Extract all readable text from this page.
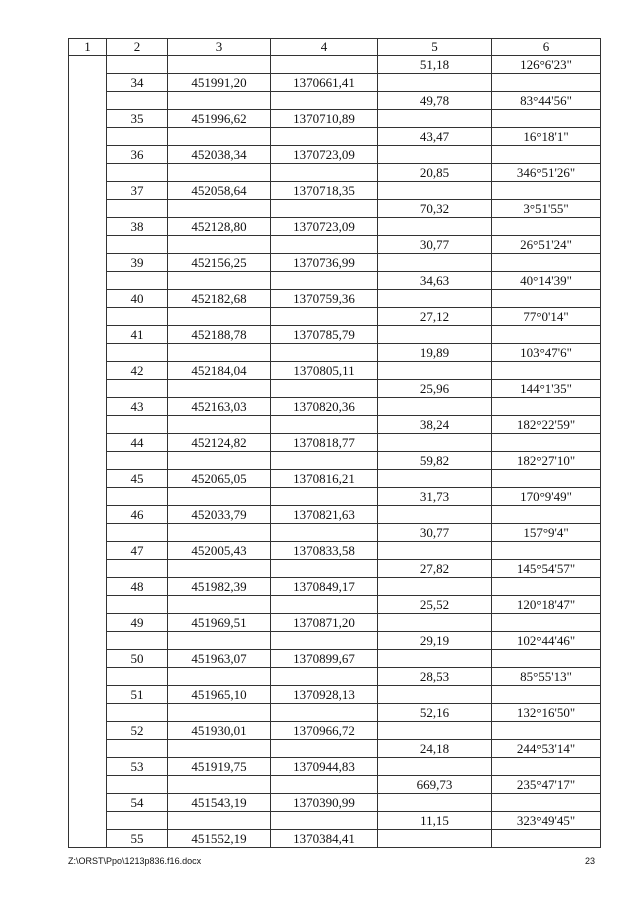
1	2	3	4	5	6
				51,18	126°6'23"
	34	451991,20	1370661,41		
				49,78	83°44'56"
	35	451996,62	1370710,89		
				43,47	16°18'1"
	36	452038,34	1370723,09		
				20,85	346°51'26"
	37	452058,64	1370718,35		
				70,32	3°51'55"
	38	452128,80	1370723,09		
				30,77	26°51'24"
	39	452156,25	1370736,99		
				34,63	40°14'39"
	40	452182,68	1370759,36		
				27,12	77°0'14"
	41	452188,78	1370785,79		
				19,89	103°47'6"
	42	452184,04	1370805,11		
				25,96	144°1'35"
	43	452163,03	1370820,36		
				38,24	182°22'59"
	44	452124,82	1370818,77		
				59,82	182°27'10"
	45	452065,05	1370816,21		
				31,73	170°9'49"
	46	452033,79	1370821,63		
				30,77	157°9'4"
	47	452005,43	1370833,58		
				27,82	145°54'57"
	48	451982,39	1370849,17		
				25,52	120°18'47"
	49	451969,51	1370871,20		
				29,19	102°44'46"
	50	451963,07	1370899,67		
				28,53	85°55'13"
	51	451965,10	1370928,13		
				52,16	132°16'50"
	52	451930,01	1370966,72		
				24,18	244°53'14"
	53	451919,75	1370944,83		
				669,73	235°47'17"
	54	451543,19	1370390,99		
				11,15	323°49'45"
	55	451552,19	1370384,41		
Z:\ORST\Ppo\1213p836.f16.docx	23
